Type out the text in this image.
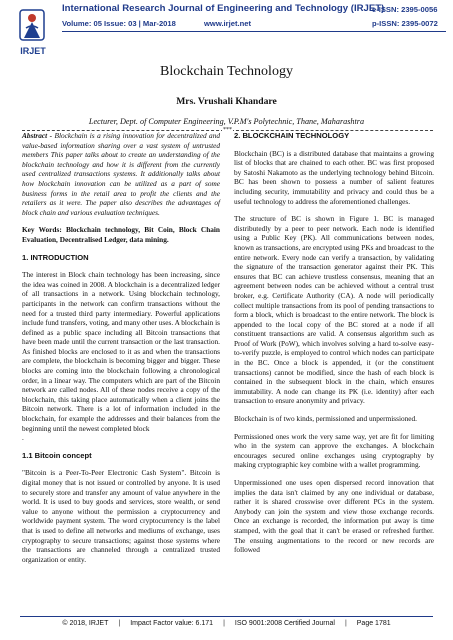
IRJET
International Research Journal of Engineering and Technology (IRJET)
e-ISSN: 2395-0056
p-ISSN: 2395-0072
Volume: 05 Issue: 03 | Mar-2018	www.irjet.net
Blockchain Technology
Mrs. Vrushali Khandare
Lecturer, Dept. of Computer Engineering, V.P.M's Polytechnic, Thane, Maharashtra
***

Abstract - Blockchain is a rising innovation for decentralized and value-based information sharing over a vast system of untrusted members This paper talks about to create an understanding of the blockchain technology and how it is different from the currently used centralized transactions systems. It additionally talks about how blockchain innovation can be utilized as a part of some business forms in the retail area to profit the clients and the retailers as it were. The paper also describes the advantages of block chain and various evaluation techniques.

Key Words: Blockchain technology, Bit Coin, Block Chain Evaluation, Decentralised Ledger, data mining.

1. INTRODUCTION

The interest in Block chain technology has been increasing, since the idea was coined in 2008. A blockchain is a decentralized ledger of all transactions in a network. Using blockchain technology, participants in the network can confirm transactions without the need for a trusted third party intermediary. Powerful applications include fund transfers, voting, and many other uses. A blockchain is defined as a public space including all Bitcoin transactions that have been made until the current transaction or the last transaction. As finished blocks are enclosed to it as and when the transactions are complete, the blockchain is becoming bigger and bigger. These blocks are coming into the blockchain following a chronological order, in a linear way. The computers which are part of the Bitcoin network are called nodes. All of these nodes receive a copy of the blockchain, this taking place automatically when a client joins the Bitcoin network. There is a lot of information included in the blockchain, for example the addresses and their balances from the beginning until the newest completed block
.

1.1 Bitcoin concept

"Bitcoin is a Peer-To-Peer Electronic Cash System". Bitcoin is digital money that is not issued or controlled by anyone. It is used to securely store and transfer any amount of value anywhere in the world. It is used to buy goods and services, store wealth, or send value to anyone without the permission a cryptocurrency and worldwide payment system. The word cryptocurrency is the label that is used to define all networks and mediums of exchange, uses cryptography to secure transactions; against those systems where the transactions are channeled through a centralized trusted organization or entity.

2. BLOCKCHAIN TECHNOLOGY

Blockchain (BC) is a distributed database that maintains a growing list of blocks that are chained to each other. BC was first proposed by Satoshi Nakamoto as the underlying technology behind Bitcoin. BC has been shown to possess a number of salient features including security, immutability and privacy and could thus be a useful technology to address the aforementioned challenges.

The structure of BC is shown in Figure 1. BC is managed distributedly by a peer to peer network. Each node is identified using a Public Key (PK). All communications between nodes, known as transactions, are encrypted using PKs and broadcast to the entire network. Every node can verify a transaction, by validating the signature of the transaction generator against their PK. This ensures that BC can achieve trustless consensus, meaning that an agreement between nodes can be achieved without a central trust broker, e.g. Certificate Authority (CA). A node will periodically collect multiple transactions from its pool of pending transactions to form a block, which is broadcast to the entire network. The block is appended to the local copy of the BC stored at a node if all constituent transactions are valid. A consensus algorithm such as Proof of Work (PoW), which involves solving a hard to-solve easy-to-verify puzzle, is employed to control which nodes can participate in the BC. Once a block is appended, it (or the constituent transactions) cannot be modified, since the hash of each block is contained in the subsequent block in the chain, which ensures immutability. A node can change its PK (i.e. identity) after each transaction to ensure anonymity and privacy.

Blockchain is of two kinds, permissioned and unpermissioned.

Permissioned ones work the very same way, yet are fit for limiting who in the system can approve the exchanges. A blockchain encourages secured online exchanges using cryptography by making cryptographic key combine with a wallet programming.

Unpermissioned one uses open dispersed record innovation that implies the data isn't claimed by any one individual or database, rather it is shared crosswise over different PCs in the system. Anybody can join the system and view those exchange records. Once an exchange is recorded, the information put away is time stamped, with the goal that it can't be erased or refreshed further. The ensuing augmentations to the record or new records are followed

© 2018, IRJET | Impact Factor value: 6.171 | ISO 9001:2008 Certified Journal | Page 1781
